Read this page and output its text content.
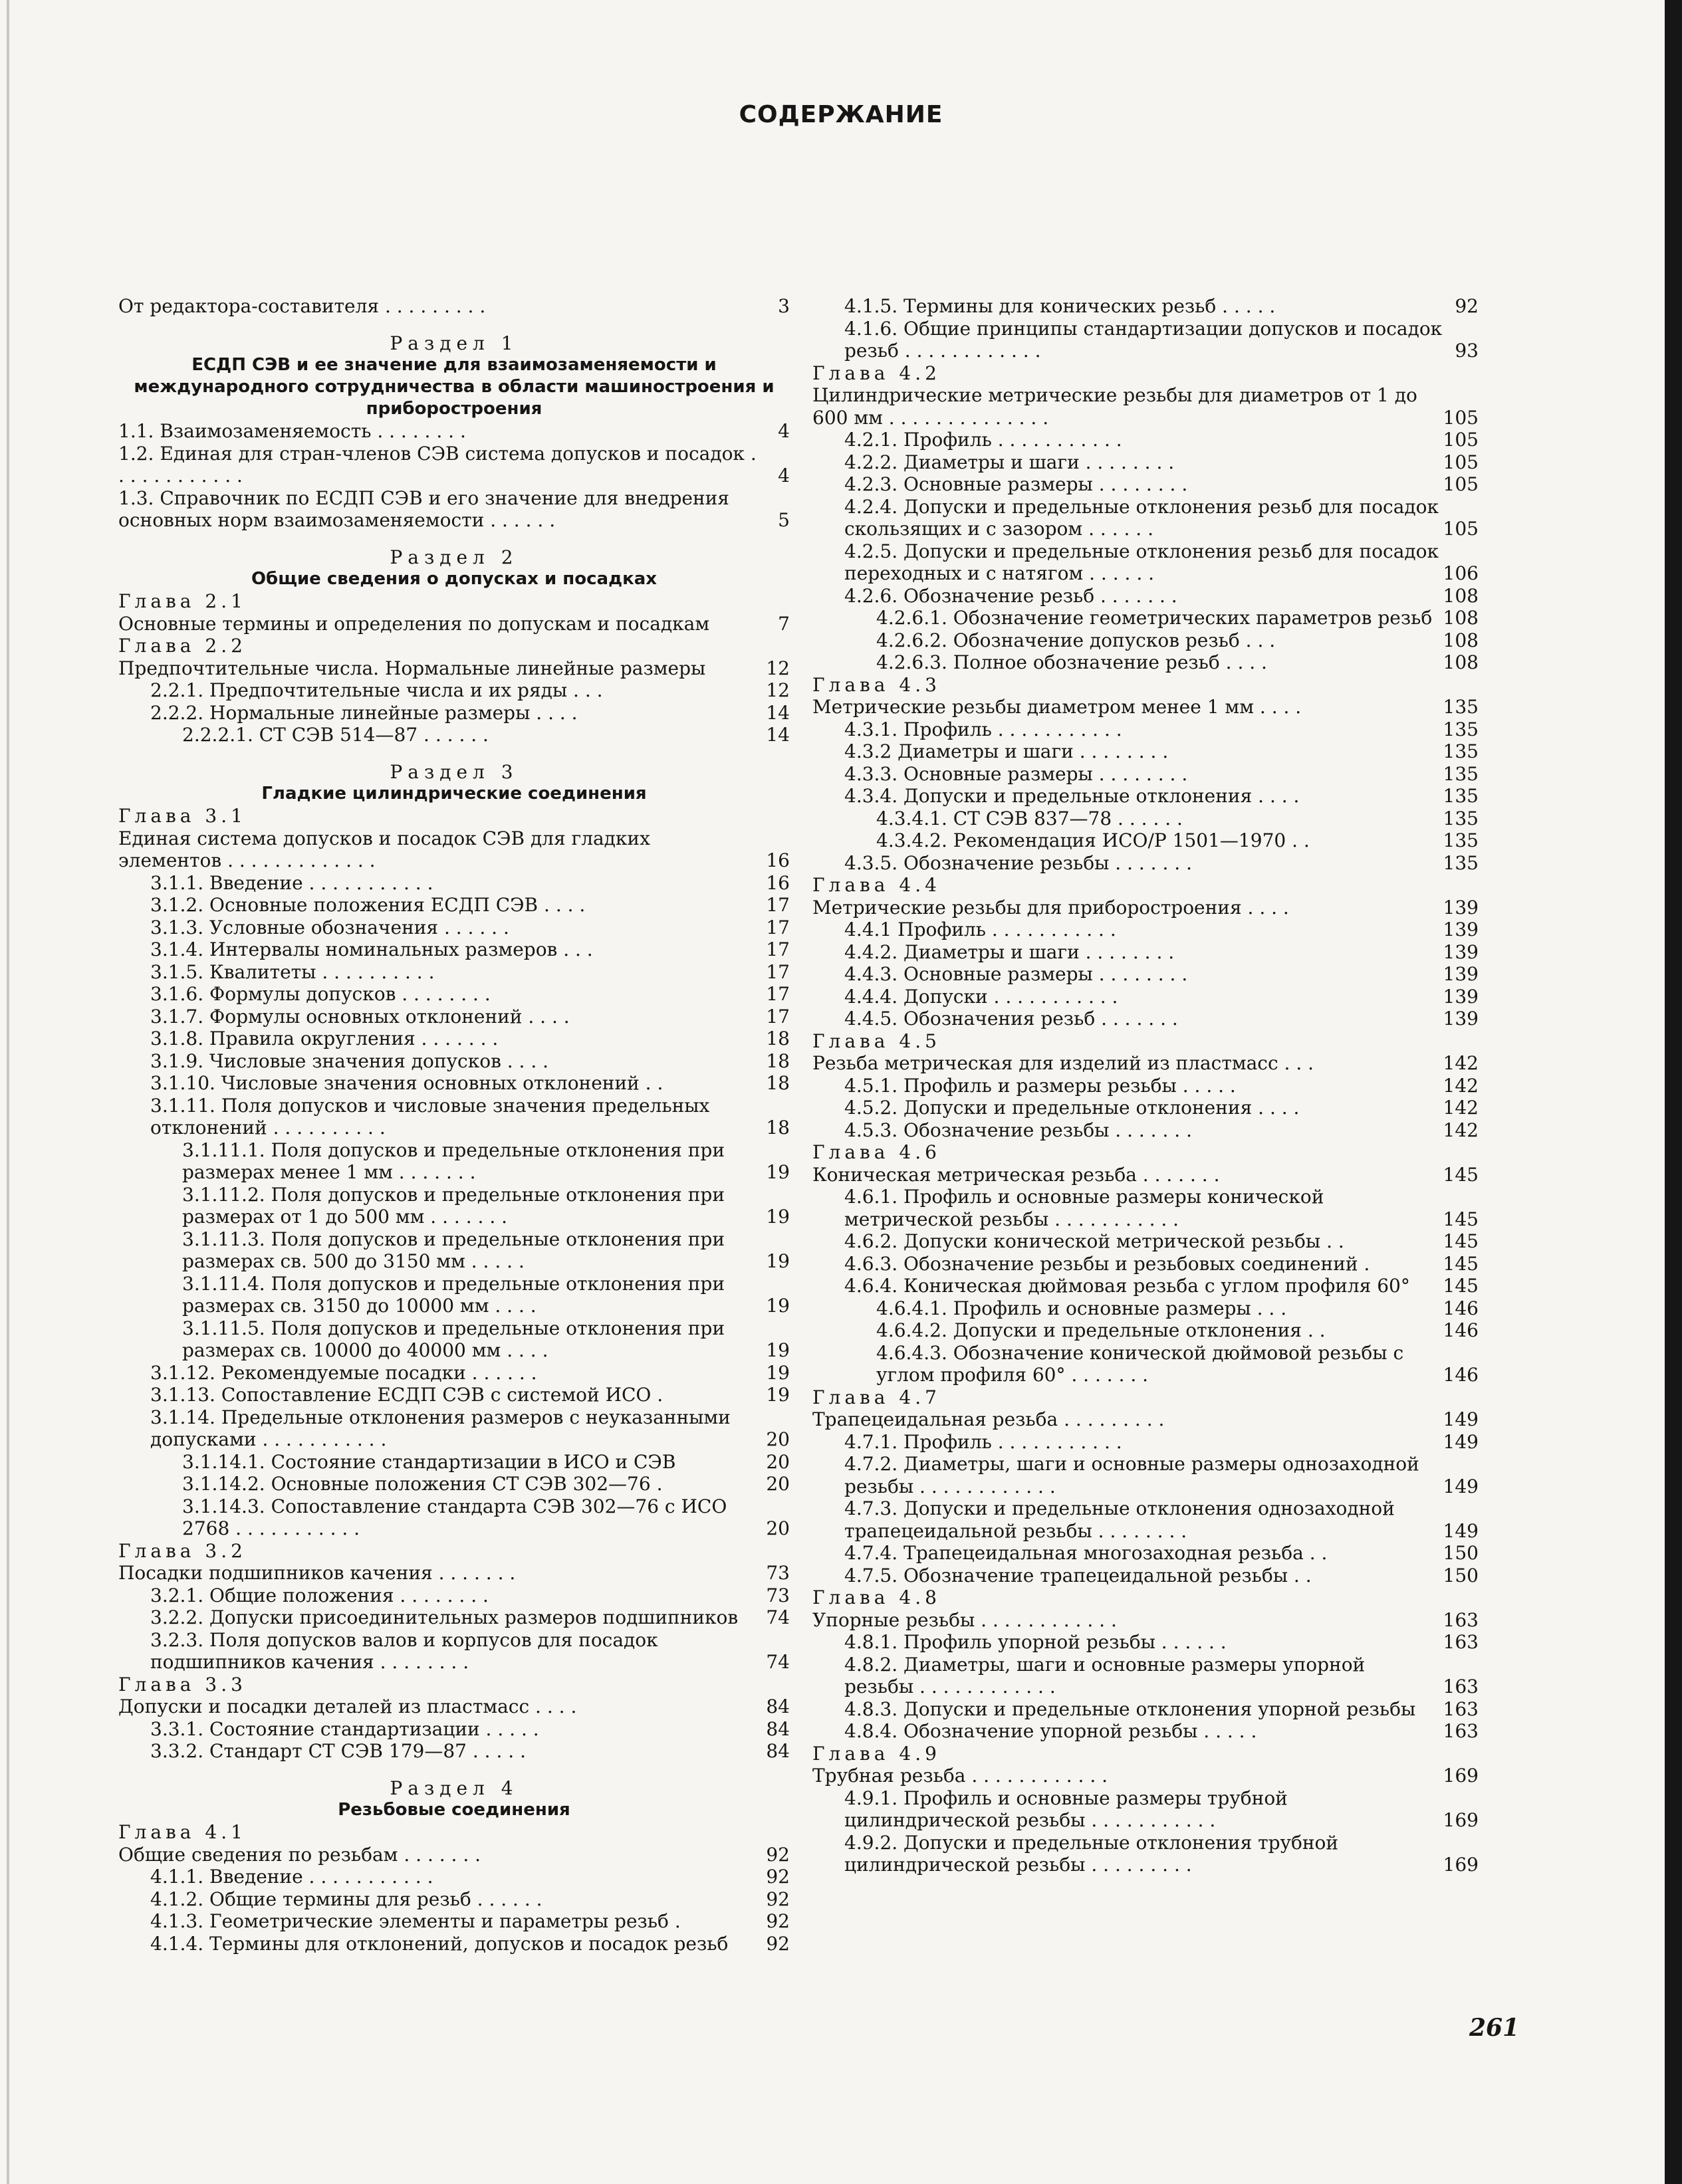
СОДЕРЖАНИЕ
От редактора-составителя . . . . . . . . .	3
Раздел 1
ЕСДП СЭВ и ее значение для взаимозаменяемости и международного сотрудничества в области машиностроения и приборостроения
1.1. Взаимозаменяемость . . . . . . . .	4
1.2. Единая для стран-членов СЭВ система допусков и посадок . . . . . . . . . . . .	4
1.3. Справочник по ЕСДП СЭВ и его значение для внедрения основных норм взаимозаменяемости . . . . . .	5
Раздел 2
Общие сведения о допусках и посадках
Глава 2.1
Основные термины и определения по допускам и посадкам	7
Глава 2.2
Предпочтительные числа. Нормальные линейные размеры	12
2.2.1. Предпочтительные числа и их ряды . . .	12
2.2.2. Нормальные линейные размеры . . . .	14
2.2.2.1. СТ СЭВ 514—87 . . . . . .	14
Раздел 3
Гладкие цилиндрические соединения
Глава 3.1
Единая система допусков и посадок СЭВ для гладких элементов . . . . . . . . . . . . .	16
3.1.1. Введение . . . . . . . . . . .	16
3.1.2. Основные положения ЕСДП СЭВ . . . .	17
3.1.3. Условные обозначения . . . . . .	17
3.1.4. Интервалы номинальных размеров . . .	17
3.1.5. Квалитеты . . . . . . . . . .	17
3.1.6. Формулы допусков . . . . . . . .	17
3.1.7. Формулы основных отклонений . . . .	17
3.1.8. Правила округления . . . . . . .	18
3.1.9. Числовые значения допусков . . . .	18
3.1.10. Числовые значения основных отклонений . .	18
3.1.11. Поля допусков и числовые значения предельных отклонений . . . . . . . . . .	18
3.1.11.1. Поля допусков и предельные отклонения при размерах менее 1 мм . . . . . . .	19
3.1.11.2. Поля допусков и предельные отклонения при размерах от 1 до 500 мм . . . . . . .	19
3.1.11.3. Поля допусков и предельные отклонения при размерах св. 500 до 3150 мм . . . . .	19
3.1.11.4. Поля допусков и предельные отклонения при размерах св. 3150 до 10000 мм . . . .	19
3.1.11.5. Поля допусков и предельные отклонения при размерах св. 10000 до 40000 мм . . . .	19
3.1.12. Рекомендуемые посадки . . . . . .	19
3.1.13. Сопоставление ЕСДП СЭВ с системой ИСО .	19
3.1.14. Предельные отклонения размеров с неуказанными допусками . . . . . . . . . . .	20
3.1.14.1. Состояние стандартизации в ИСО и СЭВ	20
3.1.14.2. Основные положения СТ СЭВ 302—76 .	20
3.1.14.3. Сопоставление стандарта СЭВ 302—76 с ИСО 2768 . . . . . . . . . . .	20
Глава 3.2
Посадки подшипников качения . . . . . . .	73
3.2.1. Общие положения . . . . . . . .	73
3.2.2. Допуски присоединительных размеров подшипников	74
3.2.3. Поля допусков валов и корпусов для посадок подшипников качения . . . . . . . .	74
Глава 3.3
Допуски и посадки деталей из пластмасс . . . .	84
3.3.1. Состояние стандартизации . . . . .	84
3.3.2. Стандарт СТ СЭВ 179—87 . . . . .	84
Раздел 4
Резьбовые соединения
Глава 4.1
Общие сведения по резьбам . . . . . . .	92
4.1.1. Введение . . . . . . . . . . .	92
4.1.2. Общие термины для резьб . . . . . .	92
4.1.3. Геометрические элементы и параметры резьб .	92
4.1.4. Термины для отклонений, допусков и посадок резьб	92
4.1.5. Термины для конических резьб . . . . .	92
4.1.6. Общие принципы стандартизации допусков и посадок резьб . . . . . . . . . . . .	93
Глава 4.2
Цилиндрические метрические резьбы для диаметров от 1 до 600 мм . . . . . . . . . . . . . .	105
4.2.1. Профиль . . . . . . . . . . .	105
4.2.2. Диаметры и шаги . . . . . . . .	105
4.2.3. Основные размеры . . . . . . . .	105
4.2.4. Допуски и предельные отклонения резьб для посадок скользящих и с зазором . . . . . .	105
4.2.5. Допуски и предельные отклонения резьб для посадок переходных и с натягом . . . . . .	106
4.2.6. Обозначение резьб . . . . . . .	108
4.2.6.1. Обозначение геометрических параметров резьб 108
4.2.6.2. Обозначение допусков резьб . . .	108
4.2.6.3. Полное обозначение резьб . . . .	108
Глава 4.3
Метрические резьбы диаметром менее 1 мм . . . .	135
4.3.1. Профиль . . . . . . . . . . .	135
4.3.2 Диаметры и шаги . . . . . . . .	135
4.3.3. Основные размеры . . . . . . . .	135
4.3.4. Допуски и предельные отклонения . . . .	135
4.3.4.1. СТ СЭВ 837—78 . . . . . .	135
4.3.4.2. Рекомендация ИСО/Р 1501—1970 . .	135
4.3.5. Обозначение резьбы . . . . . . .	135
Глава 4.4
Метрические резьбы для приборостроения . . . .	139
4.4.1 Профиль . . . . . . . . . . .	139
4.4.2. Диаметры и шаги . . . . . . . .	139
4.4.3. Основные размеры . . . . . . . .	139
4.4.4. Допуски . . . . . . . . . . .	139
4.4.5. Обозначения резьб . . . . . . .	139
Глава 4.5
Резьба метрическая для изделий из пластмасс . . .	142
4.5.1. Профиль и размеры резьбы . . . . .	142
4.5.2. Допуски и предельные отклонения . . . .	142
4.5.3. Обозначение резьбы . . . . . . .	142
Глава 4.6
Коническая метрическая резьба . . . . . . .	145
4.6.1. Профиль и основные размеры конической метрической резьбы . . . . . . . . . . .	145
4.6.2. Допуски конической метрической резьбы . .	145
4.6.3. Обозначение резьбы и резьбовых соединений .	145
4.6.4. Коническая дюймовая резьба с углом профиля 60°	145
4.6.4.1. Профиль и основные размеры . . .	146
4.6.4.2. Допуски и предельные отклонения . .	146
4.6.4.3. Обозначение конической дюймовой резьбы с углом профиля 60° . . . . . . .	146
Глава 4.7
Трапецеидальная резьба . . . . . . . . .	149
4.7.1. Профиль . . . . . . . . . . .	149
4.7.2. Диаметры, шаги и основные размеры однозаходной резьбы . . . . . . . . . . . .	149
4.7.3. Допуски и предельные отклонения однозаходной трапецеидальной резьбы . . . . . . . .	149
4.7.4. Трапецеидальная многозаходная резьба . .	150
4.7.5. Обозначение трапецеидальной резьбы . .	150
Глава 4.8
Упорные резьбы . . . . . . . . . . . .	163
4.8.1. Профиль упорной резьбы . . . . . .	163
4.8.2. Диаметры, шаги и основные размеры упорной резьбы . . . . . . . . . . . .	163
4.8.3. Допуски и предельные отклонения упорной резьбы	163
4.8.4. Обозначение упорной резьбы . . . . .	163
Глава 4.9
Трубная резьба . . . . . . . . . . . .	169
4.9.1. Профиль и основные размеры трубной цилиндрической резьбы . . . . . . . . . . .	169
4.9.2. Допуски и предельные отклонения трубной цилиндрической резьбы . . . . . . . . .	169
261
